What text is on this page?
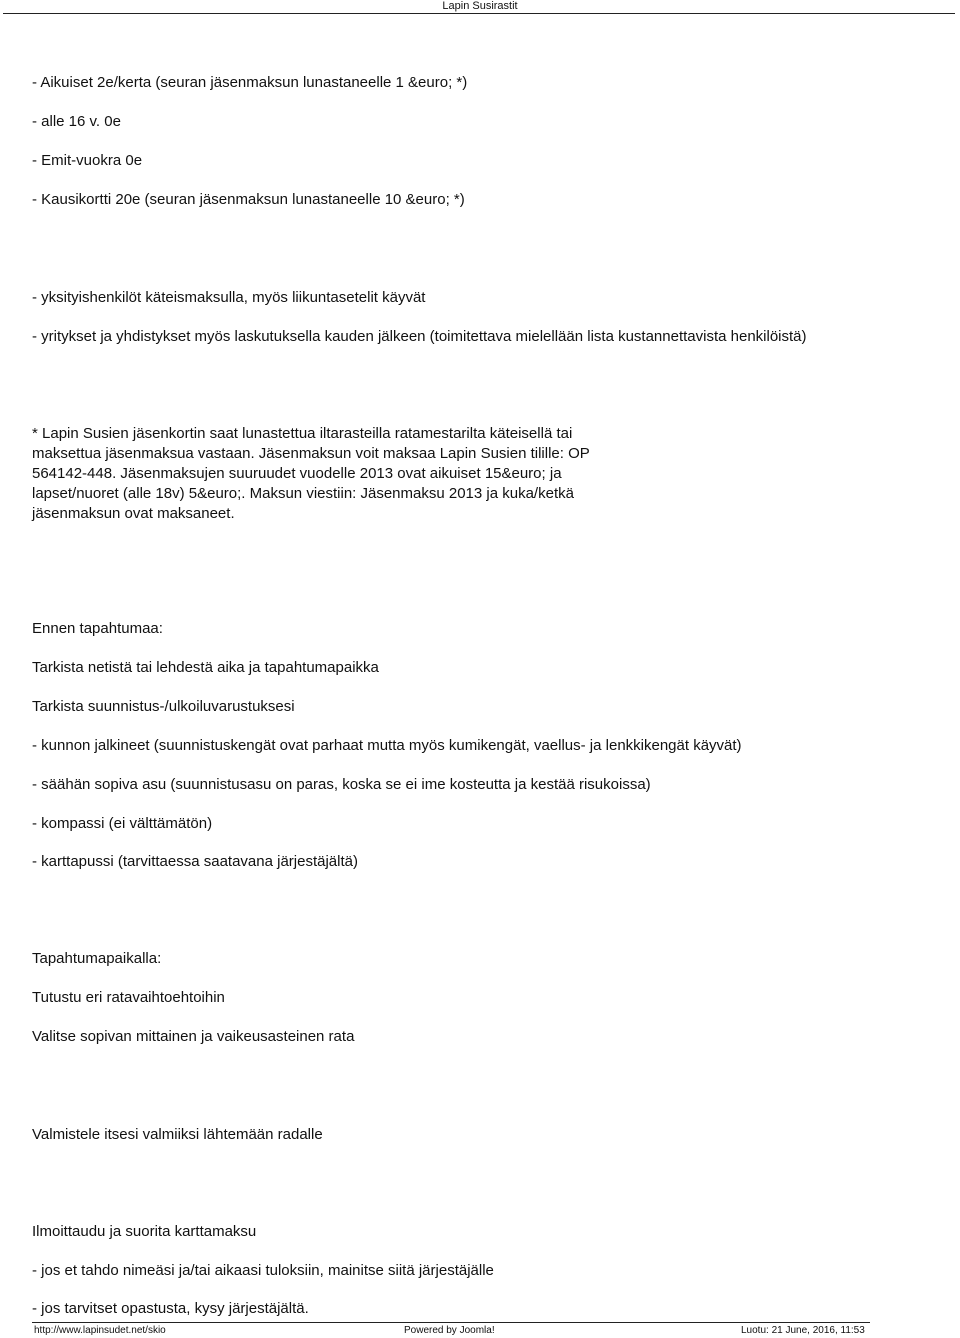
Lapin Susirastit

- Aikuiset 2e/kerta (seuran jäsenmaksun lunastaneelle 1 &euro; *)

- alle 16 v. 0e

- Emit-vuokra 0e

- Kausikortti 20e (seuran jäsenmaksun lunastaneelle 10 &euro; *)

- yksityishenkilöt käteismaksulla, myös liikuntasetelit käyvät

- yritykset ja yhdistykset myös laskutuksella kauden jälkeen (toimitettava mielellään lista kustannettavista henkilöistä)

* Lapin Susien jäsenkortin saat lunastettua iltarasteilla ratamestarilta käteisellä tai maksettua jäsenmaksua vastaan. Jäsenmaksun voit maksaa Lapin Susien tilille: OP 564142-448. Jäsenmaksujen suuruudet vuodelle 2013 ovat aikuiset 15&euro; ja lapset/nuoret (alle 18v) 5&euro;. Maksun viestiin: Jäsenmaksu 2013 ja kuka/ketkä jäsenmaksun ovat maksaneet.

Ennen tapahtumaa:

Tarkista netistä tai lehdestä aika ja tapahtumapaikka

Tarkista suunnistus-/ulkoiluvarustuksesi

- kunnon jalkineet (suunnistuskengät ovat parhaat mutta myös kumikengät, vaellus- ja lenkkikengät käyvät)

- säähän sopiva asu (suunnistusasu on paras, koska se ei ime kosteutta ja kestää risukoissa)

- kompassi (ei välttämätön)

- karttapussi (tarvittaessa saatavana järjestäjältä)

Tapahtumapaikalla:

Tutustu eri ratavaihtoehtoihin

Valitse sopivan mittainen ja vaikeusasteinen rata

Valmistele itsesi valmiiksi lähtemään radalle

Ilmoittaudu ja suorita karttamaksu

- jos et tahdo nimeäsi ja/tai aikaasi tuloksiin, mainitse siitä järjestäjälle

- jos tarvitset opastusta, kysy järjestäjältä.

http://www.lapinsudet.net/skio	Powered by Joomla!	Luotu: 21 June, 2016, 11:53
